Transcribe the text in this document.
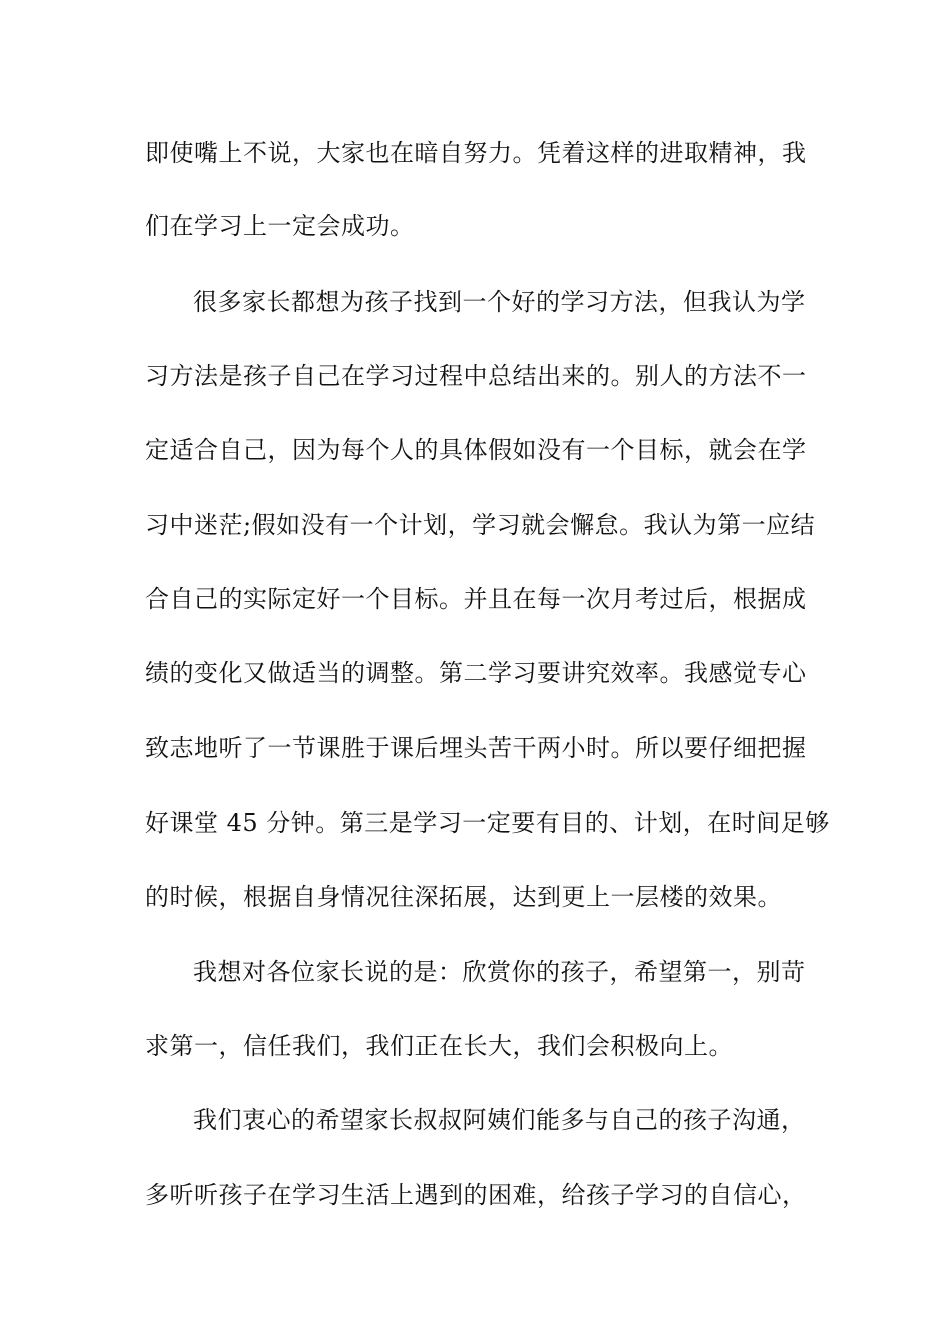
即使嘴上不说，大家也在暗自努力。凭着这样的进取精神，我
们在学习上一定会成功。
很多家长都想为孩子找到一个好的学习方法，但我认为学
习方法是孩子自己在学习过程中总结出来的。别人的方法不一
定适合自己，因为每个人的具体假如没有一个目标，就会在学
习中迷茫;假如没有一个计划，学习就会懈怠。我认为第一应结
合自己的实际定好一个目标。并且在每一次月考过后，根据成
绩的变化又做适当的调整。第二学习要讲究效率。我感觉专心
致志地听了一节课胜于课后埋头苦干两小时。所以要仔细把握
好课堂 45 分钟。第三是学习一定要有目的、计划，在时间足够
的时候，根据自身情况往深拓展，达到更上一层楼的效果。
我想对各位家长说的是：欣赏你的孩子，希望第一，别苛
求第一，信任我们，我们正在长大，我们会积极向上。
我们衷心的希望家长叔叔阿姨们能多与自己的孩子沟通，
多听听孩子在学习生活上遇到的困难，给孩子学习的自信心，
